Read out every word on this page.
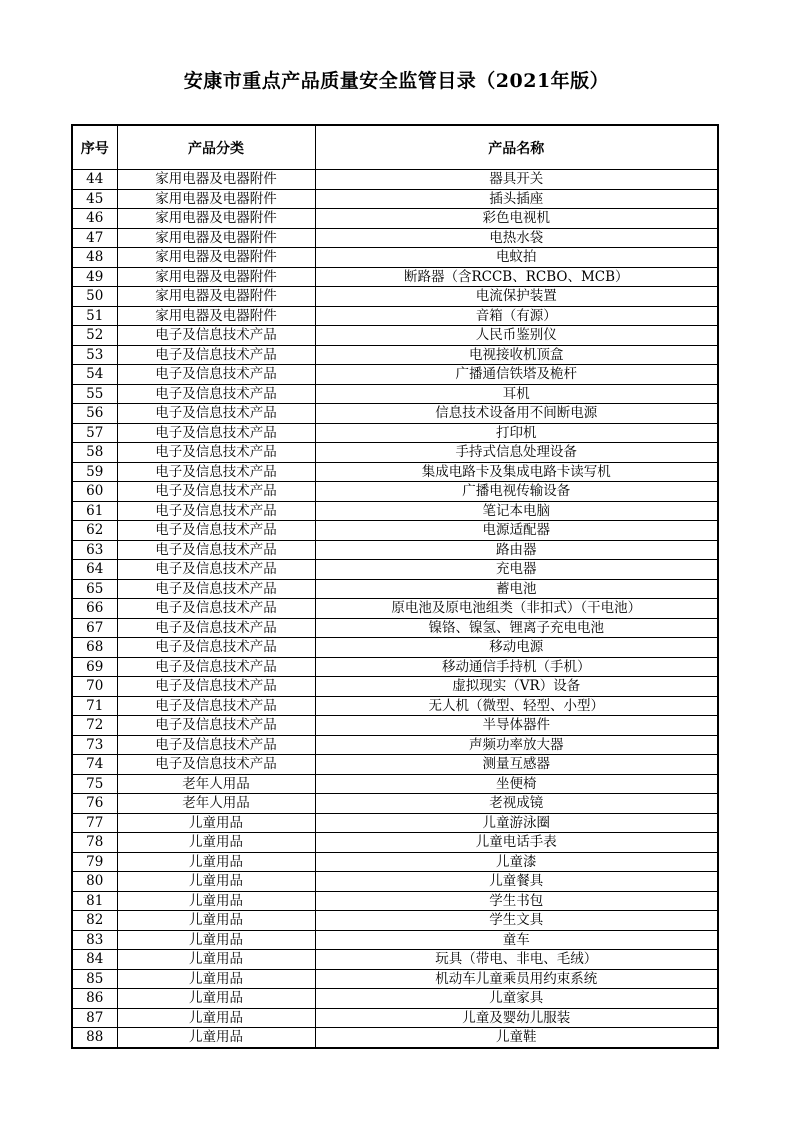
安康市重点产品质量安全监管目录（2021年版）
序号	产品分类	产品名称
44	家用电器及电器附件	器具开关
45	家用电器及电器附件	插头插座
46	家用电器及电器附件	彩色电视机
47	家用电器及电器附件	电热水袋
48	家用电器及电器附件	电蚊拍
49	家用电器及电器附件	断路器（含RCCB、RCBO、MCB）
50	家用电器及电器附件	电流保护装置
51	家用电器及电器附件	音箱（有源）
52	电子及信息技术产品	人民币鉴别仪
53	电子及信息技术产品	电视接收机顶盒
54	电子及信息技术产品	广播通信铁塔及桅杆
55	电子及信息技术产品	耳机
56	电子及信息技术产品	信息技术设备用不间断电源
57	电子及信息技术产品	打印机
58	电子及信息技术产品	手持式信息处理设备
59	电子及信息技术产品	集成电路卡及集成电路卡读写机
60	电子及信息技术产品	广播电视传输设备
61	电子及信息技术产品	笔记本电脑
62	电子及信息技术产品	电源适配器
63	电子及信息技术产品	路由器
64	电子及信息技术产品	充电器
65	电子及信息技术产品	蓄电池
66	电子及信息技术产品	原电池及原电池组类（非扣式）（干电池）
67	电子及信息技术产品	镍铬、镍氢、锂离子充电电池
68	电子及信息技术产品	移动电源
69	电子及信息技术产品	移动通信手持机（手机）
70	电子及信息技术产品	虚拟现实（VR）设备
71	电子及信息技术产品	无人机（微型、轻型、小型）
72	电子及信息技术产品	半导体器件
73	电子及信息技术产品	声频功率放大器
74	电子及信息技术产品	测量互感器
75	老年人用品	坐便椅
76	老年人用品	老视成镜
77	儿童用品	儿童游泳圈
78	儿童用品	儿童电话手表
79	儿童用品	儿童漆
80	儿童用品	儿童餐具
81	儿童用品	学生书包
82	儿童用品	学生文具
83	儿童用品	童车
84	儿童用品	玩具（带电、非电、毛绒）
85	儿童用品	机动车儿童乘员用约束系统
86	儿童用品	儿童家具
87	儿童用品	儿童及婴幼儿服装
88	儿童用品	儿童鞋
